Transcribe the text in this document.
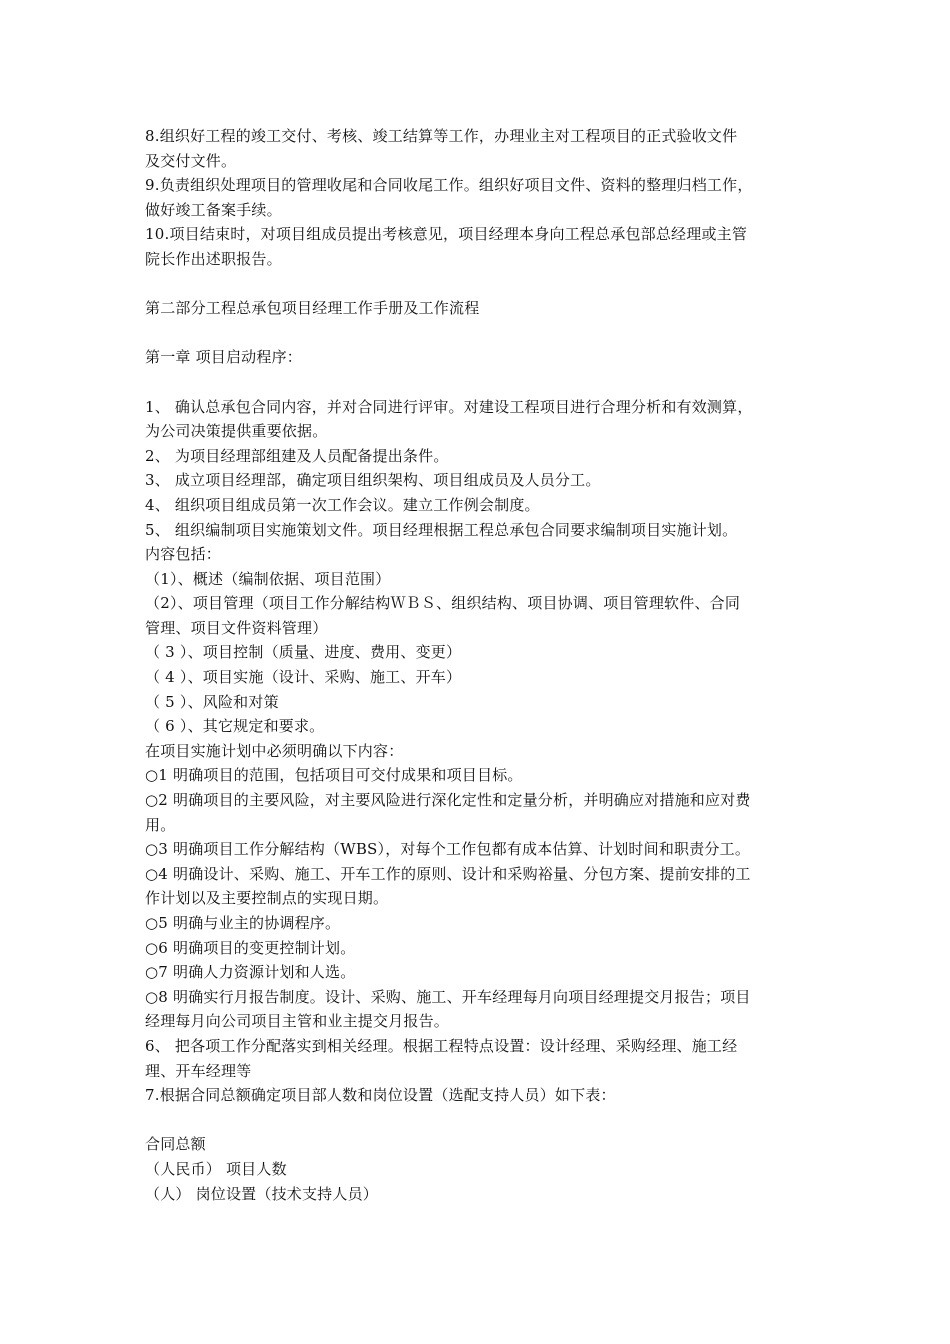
8.组织好工程的竣工交付、考核、竣工结算等工作，办理业主对工程项目的正式验收文件
及交付文件。
9.负责组织处理项目的管理收尾和合同收尾工作。组织好项目文件、资料的整理归档工作，
做好竣工备案手续。
10.项目结束时，对项目组成员提出考核意见，项目经理本身向工程总承包部总经理或主管
院长作出述职报告。
第二部分工程总承包项目经理工作手册及工作流程
第一章 项目启动程序：
1、 确认总承包合同内容，并对合同进行评审。对建设工程项目进行合理分析和有效测算，
为公司决策提供重要依据。
2、 为项目经理部组建及人员配备提出条件。
3、 成立项目经理部，确定项目组织架构、项目组成员及人员分工。
4、 组织项目组成员第一次工作会议。建立工作例会制度。
5、 组织编制项目实施策划文件。项目经理根据工程总承包合同要求编制项目实施计划。
内容包括：
（1）、概述（编制依据、项目范围）
（2）、项目管理（项目工作分解结构ＷＢＳ、组织结构、项目协调、项目管理软件、合同
管理、项目文件资料管理）
（ 3 ）、项目控制（质量、进度、费用、变更）
（ 4 ）、项目实施（设计、采购、施工、开车）
（ 5 ）、风险和对策
（ 6 ）、其它规定和要求。
在项目实施计划中必须明确以下内容：
○1 明确项目的范围，包括项目可交付成果和项目目标。
○2 明确项目的主要风险，对主要风险进行深化定性和定量分析，并明确应对措施和应对费
用。
○3 明确项目工作分解结构（WBS），对每个工作包都有成本估算、计划时间和职责分工。
○4 明确设计、采购、施工、开车工作的原则、设计和采购裕量、分包方案、提前安排的工
作计划以及主要控制点的实现日期。
○5 明确与业主的协调程序。
○6 明确项目的变更控制计划。
○7 明确人力资源计划和人选。
○8 明确实行月报告制度。设计、采购、施工、开车经理每月向项目经理提交月报告；项目
经理每月向公司项目主管和业主提交月报告。
6、 把各项工作分配落实到相关经理。根据工程特点设置：设计经理、采购经理、施工经
理、开车经理等
7.根据合同总额确定项目部人数和岗位设置（选配支持人员）如下表：
合同总额
（人民币） 项目人数
（人） 岗位设置（技术支持人员）
